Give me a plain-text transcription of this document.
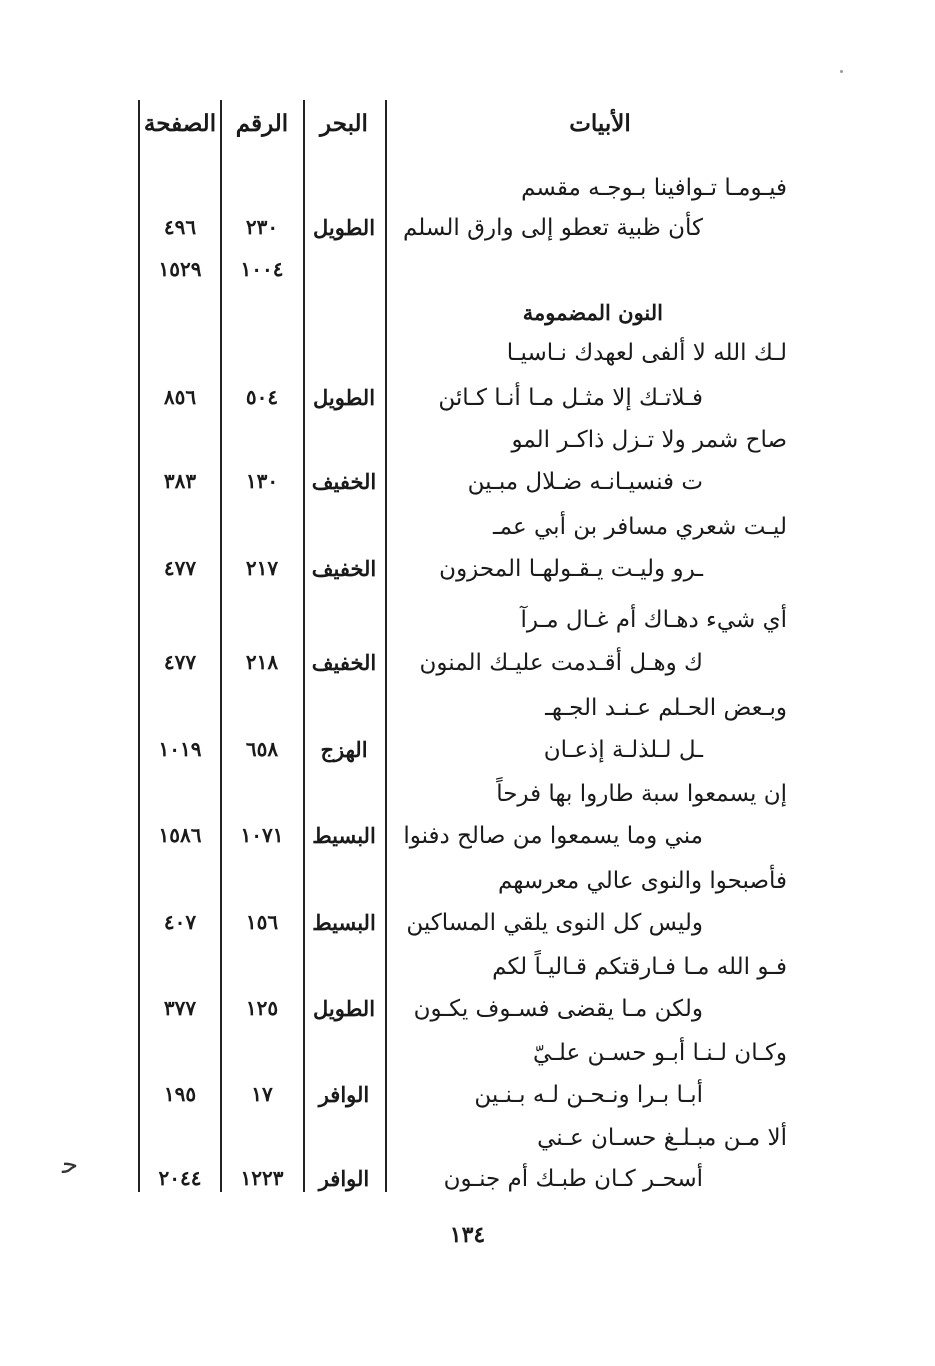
الأبيات
البحر
الرقم
الصفحة
فيـومـا تـوافينا بـوجـه مقسم
كأن ظبية تعطو إلى وارق السلم
الطويل
٢٣٠
٤٩٦
١٠٠٤
١٥٢٩
النون المضمومة
لـك الله لا ألفى لعهدك نـاسيـا
فـلاتـك إلا مثـل مـا أنـا كـائن
الطويل
٥٠٤
٨٥٦
صاح شمر ولا تـزل ذاكـر المو
ت فنسيـانـه ضـلال مبـين
الخفيف
١٣٠
٣٨٣
ليـت شعري مسافر بن أبي عمـ
ـرو وليـت يـقـولهـا المحزون
الخفيف
٢١٧
٤٧٧
أي شيء دهـاك أم غـال مـرآ
ك وهـل أقـدمت عليـك المنون
الخفيف
٢١٨
٤٧٧
وبـعض الحـلم عـنـد الجـهـ
ـل لـلذلـة إذعـان
الهزج
٦٥٨
١٠١٩
إن يسمعوا سبة طاروا بها فرحاً
مني وما يسمعوا من صالح دفنوا
البسيط
١٠٧١
١٥٨٦
فأصبحوا والنوى عالي معرسهم
وليس كل النوى يلقي المساكين
البسيط
١٥٦
٤٠٧
فـو الله مـا فـارقتكم قـاليـاً لكم
ولكن مـا يقضى فسـوف يكـون
الطويل
١٢٥
٣٧٧
وكـان لـنـا أبـو حسـن علـيّ
أبـا بـرا ونـحـن لـه بـنـين
الوافر
١٧
١٩٥
ألا مـن مبـلـغ حسـان عـني
أسحـر كـان طبـك أم جنـون
الوافر
١٢٢٣
٢٠٤٤
ﺣ
١٣٤
